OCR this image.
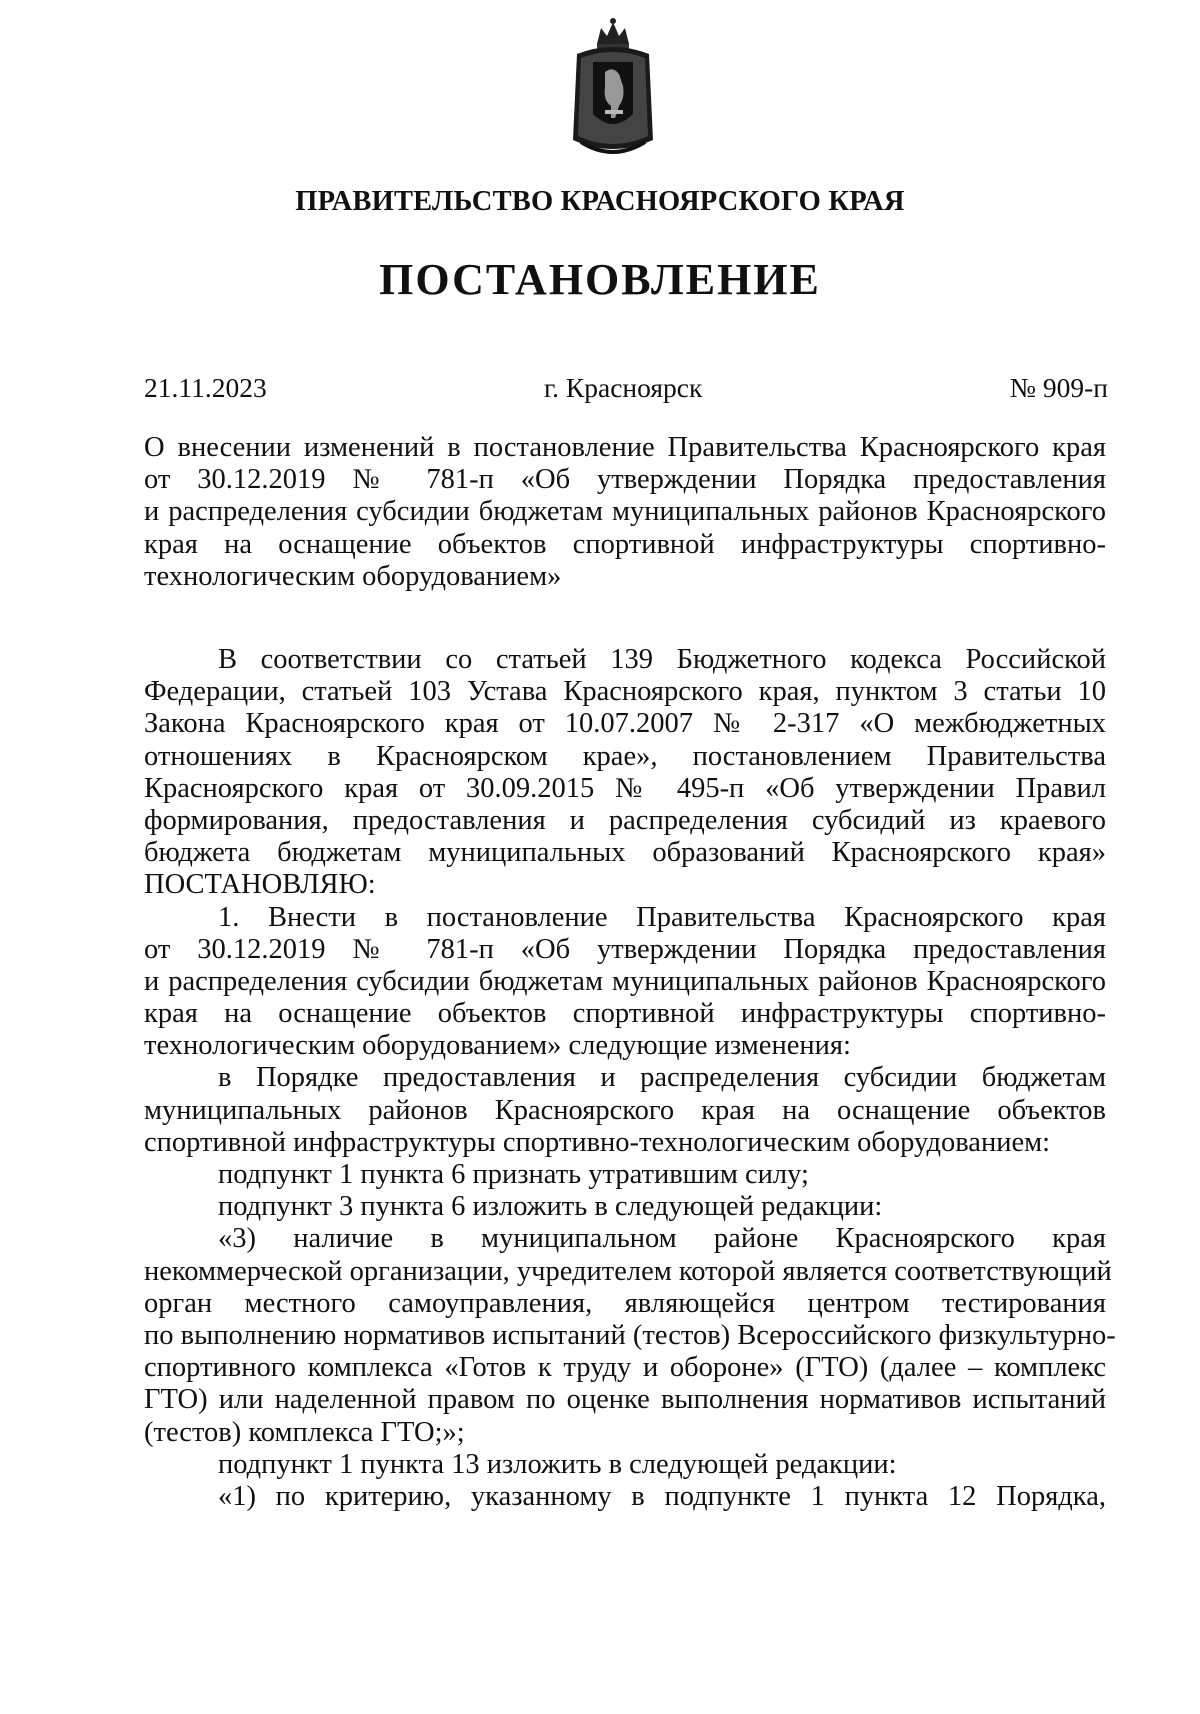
ПРАВИТЕЛЬСТВО КРАСНОЯРСКОГО КРАЯ
ПОСТАНОВЛЕНИЕ
21.11.2023	г. Красноярск	№ 909-п
О внесении изменений в постановление Правительства Красноярского края
от 30.12.2019 № 781-п «Об утверждении Порядка предоставления
и распределения субсидии бюджетам муниципальных районов Красноярского
края на оснащение объектов спортивной инфраструктуры спортивно-
технологическим оборудованием»
В соответствии со статьей 139 Бюджетного кодекса Российской
Федерации, статьей 103 Устава Красноярского края, пунктом 3 статьи 10
Закона Красноярского края от 10.07.2007 № 2-317 «О межбюджетных
отношениях в Красноярском крае», постановлением Правительства
Красноярского края от 30.09.2015 № 495-п «Об утверждении Правил
формирования, предоставления и распределения субсидий из краевого
бюджета бюджетам муниципальных образований Красноярского края»
ПОСТАНОВЛЯЮ:
1. Внести в постановление Правительства Красноярского края
от 30.12.2019 № 781-п «Об утверждении Порядка предоставления
и распределения субсидии бюджетам муниципальных районов Красноярского
края на оснащение объектов спортивной инфраструктуры спортивно-
технологическим оборудованием» следующие изменения:
в Порядке предоставления и распределения субсидии бюджетам
муниципальных районов Красноярского края на оснащение объектов
спортивной инфраструктуры спортивно-технологическим оборудованием:
подпункт 1 пункта 6 признать утратившим силу;
подпункт 3 пункта 6 изложить в следующей редакции:
«3) наличие в муниципальном районе Красноярского края
некоммерческой организации, учредителем которой является соответствующий
орган местного самоуправления, являющейся центром тестирования
по выполнению нормативов испытаний (тестов) Всероссийского физкультурно-
спортивного комплекса «Готов к труду и обороне» (ГТО) (далее – комплекс
ГТО) или наделенной правом по оценке выполнения нормативов испытаний
(тестов) комплекса ГТО;»;
подпункт 1 пункта 13 изложить в следующей редакции:
«1) по критерию, указанному в подпункте 1 пункта 12 Порядка,
